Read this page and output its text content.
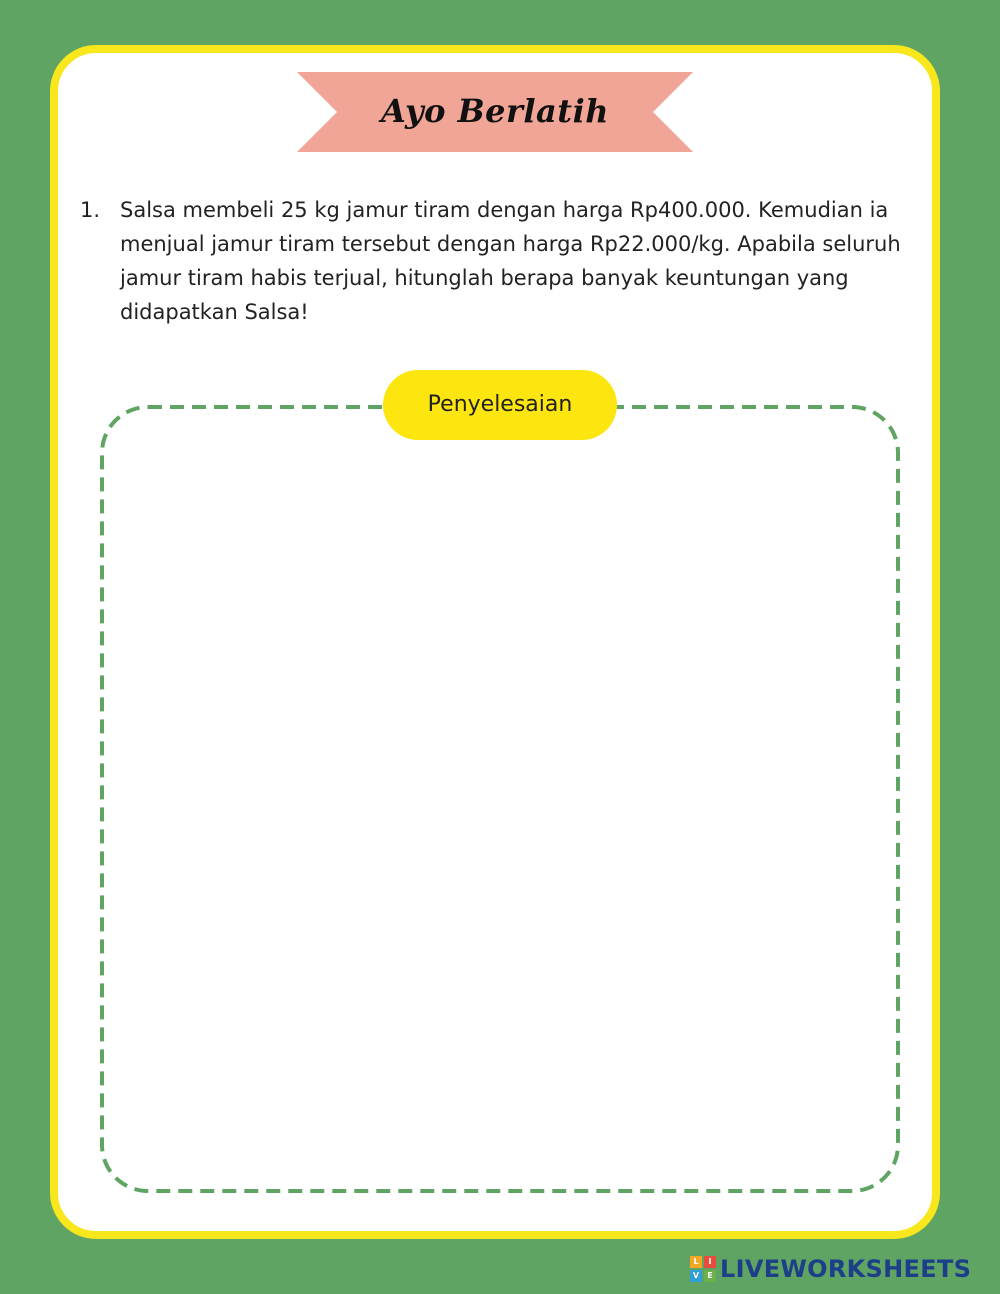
Ayo Berlatih
1. Salsa membeli 25 kg jamur tiram dengan harga Rp400.000. Kemudian ia menjual jamur tiram tersebut dengan harga Rp22.000/kg. Apabila seluruh jamur tiram habis terjual, hitunglah berapa banyak keuntungan yang didapatkan Salsa!
Penyelesaian
L	I
V	E LIVEWORKSHEETS
